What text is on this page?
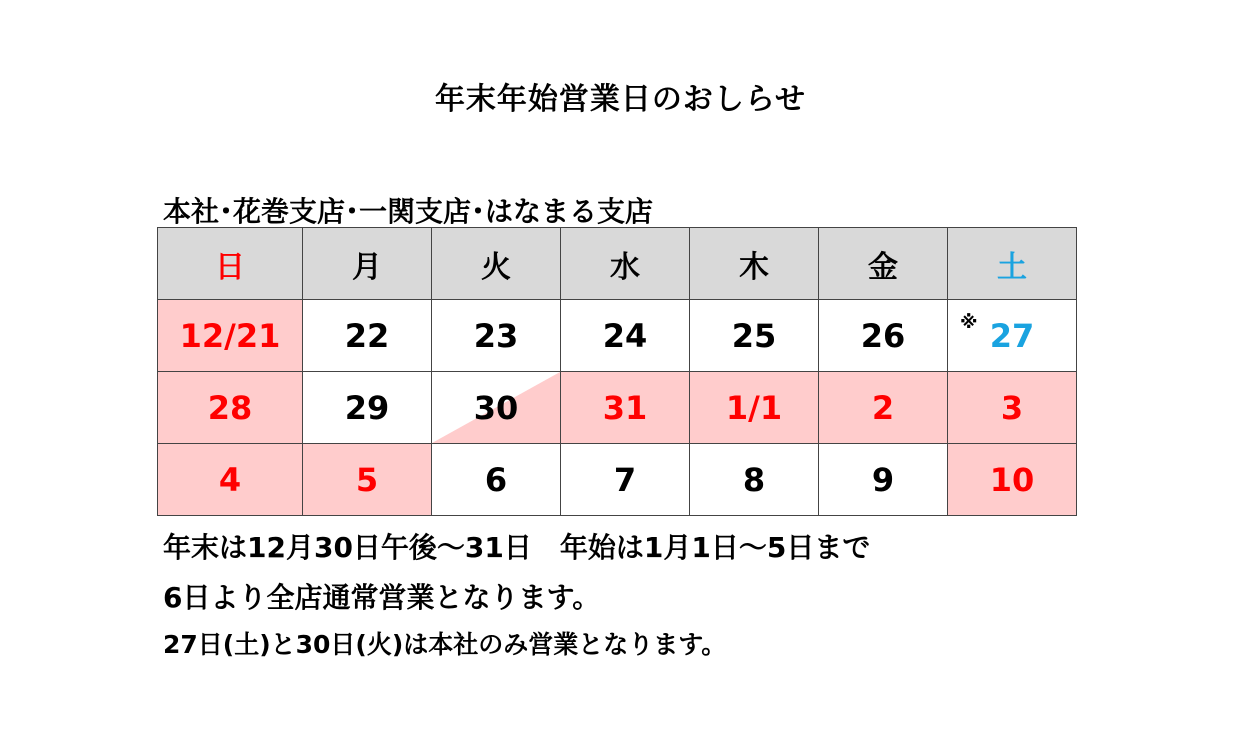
年末年始営業日のおしらせ
本社･花巻支店･一関支店･はなまる支店
日	月	火	水	木	金	土
12/21	22	23	24	25	26	※ 27
28	29	30	31	1/1	2	3
4	5	6	7	8	9	10
年末は12月30日午後～31日　年始は1月1日～5日まで
6日より全店通常営業となります。
27日(土)と30日(火)は本社のみ営業となります。
